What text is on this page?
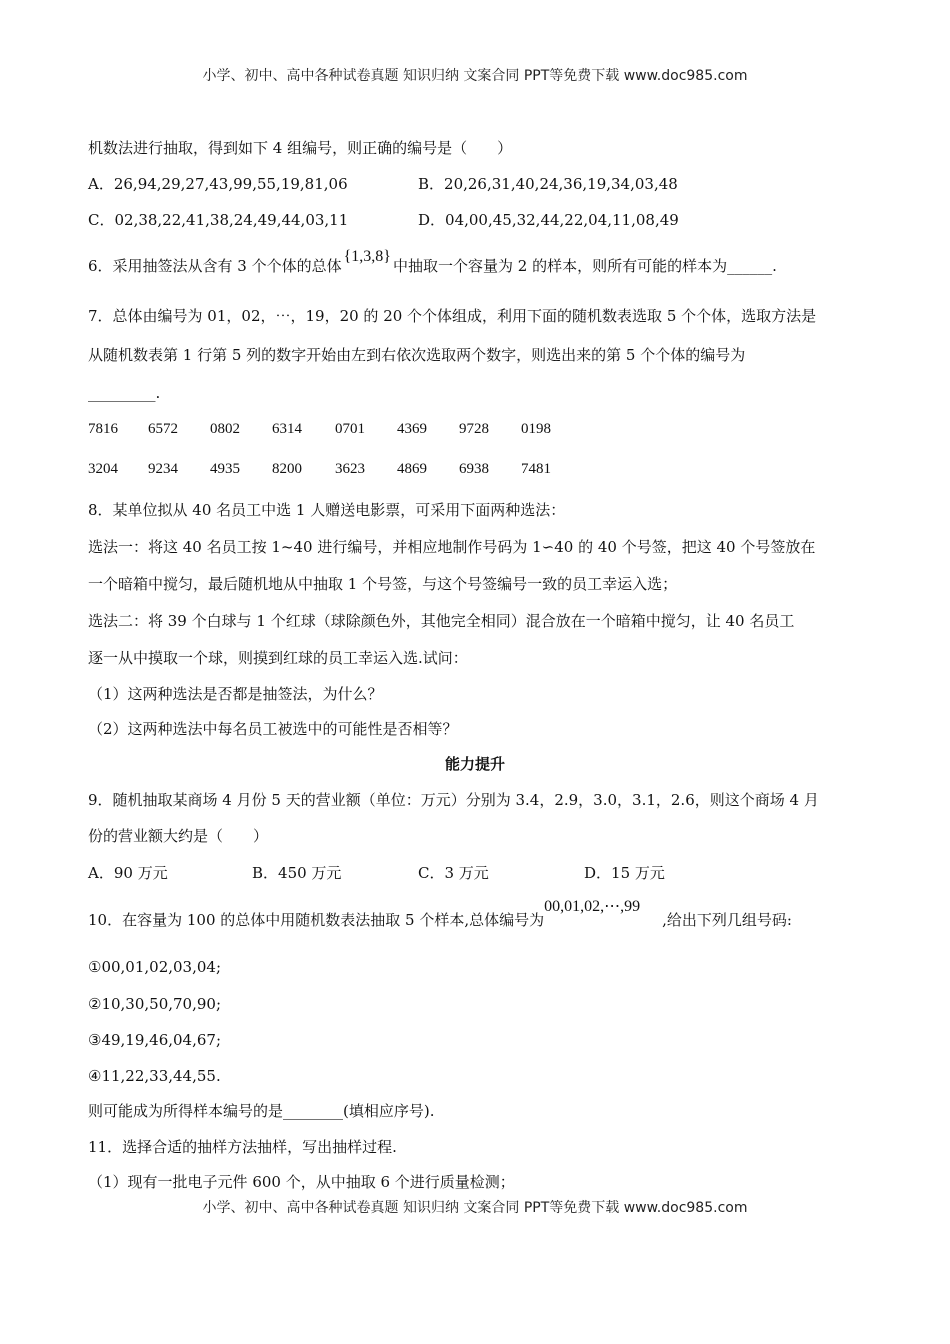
小学、初中、高中各种试卷真题 知识归纳 文案合同 PPT等免费下载 www.doc985.com
机数法进行抽取，得到如下 4 组编号，则正确的编号是（　　）
A．26,94,29,27,43,99,55,19,81,06	B．20,26,31,40,24,36,19,34,03,48
C．02,38,22,41,38,24,49,44,03,11	D．04,00,45,32,44,22,04,11,08,49
6．采用抽签法从含有 3 个个体的总体{1,3,8}中抽取一个容量为 2 的样本，则所有可能的样本为______.
7．总体由编号为 01，02，⋯，19，20 的 20 个个体组成，利用下面的随机数表选取 5 个个体，选取方法是
从随机数表第 1 行第 5 列的数字开始由左到右依次选取两个数字，则选出来的第 5 个个体的编号为
_________.
7816 6572 0802 6314 0701 4369 9728 0198
3204 9234 4935 8200 3623 4869 6938 7481
8．某单位拟从 40 名员工中选 1 人赠送电影票，可采用下面两种选法：
选法一：将这 40 名员工按 1~40 进行编号，并相应地制作号码为 1∽40 的 40 个号签，把这 40 个号签放在
一个暗箱中搅匀，最后随机地从中抽取 1 个号签，与这个号签编号一致的员工幸运入选；
选法二：将 39 个白球与 1 个红球（球除颜色外，其他完全相同）混合放在一个暗箱中搅匀，让 40 名员工
逐一从中摸取一个球，则摸到红球的员工幸运入选.试问：
（1）这两种选法是否都是抽签法，为什么？
（2）这两种选法中每名员工被选中的可能性是否相等？
能力提升
9．随机抽取某商场 4 月份 5 天的营业额（单位：万元）分别为 3.4，2.9，3.0，3.1，2.6，则这个商场 4 月
份的营业额大约是（　　）
A．90 万元	B．450 万元	C．3 万元	D．15 万元
10．在容量为 100 的总体中用随机数表法抽取 5 个样本,总体编号为00,01,02,⋯,99,给出下列几组号码:
①00,01,02,03,04;
②10,30,50,70,90;
③49,19,46,04,67;
④11,22,33,44,55.
则可能成为所得样本编号的是________(填相应序号).
11．选择合适的抽样方法抽样，写出抽样过程.
（1）现有一批电子元件 600 个，从中抽取 6 个进行质量检测；
小学、初中、高中各种试卷真题 知识归纳 文案合同 PPT等免费下载 www.doc985.com
